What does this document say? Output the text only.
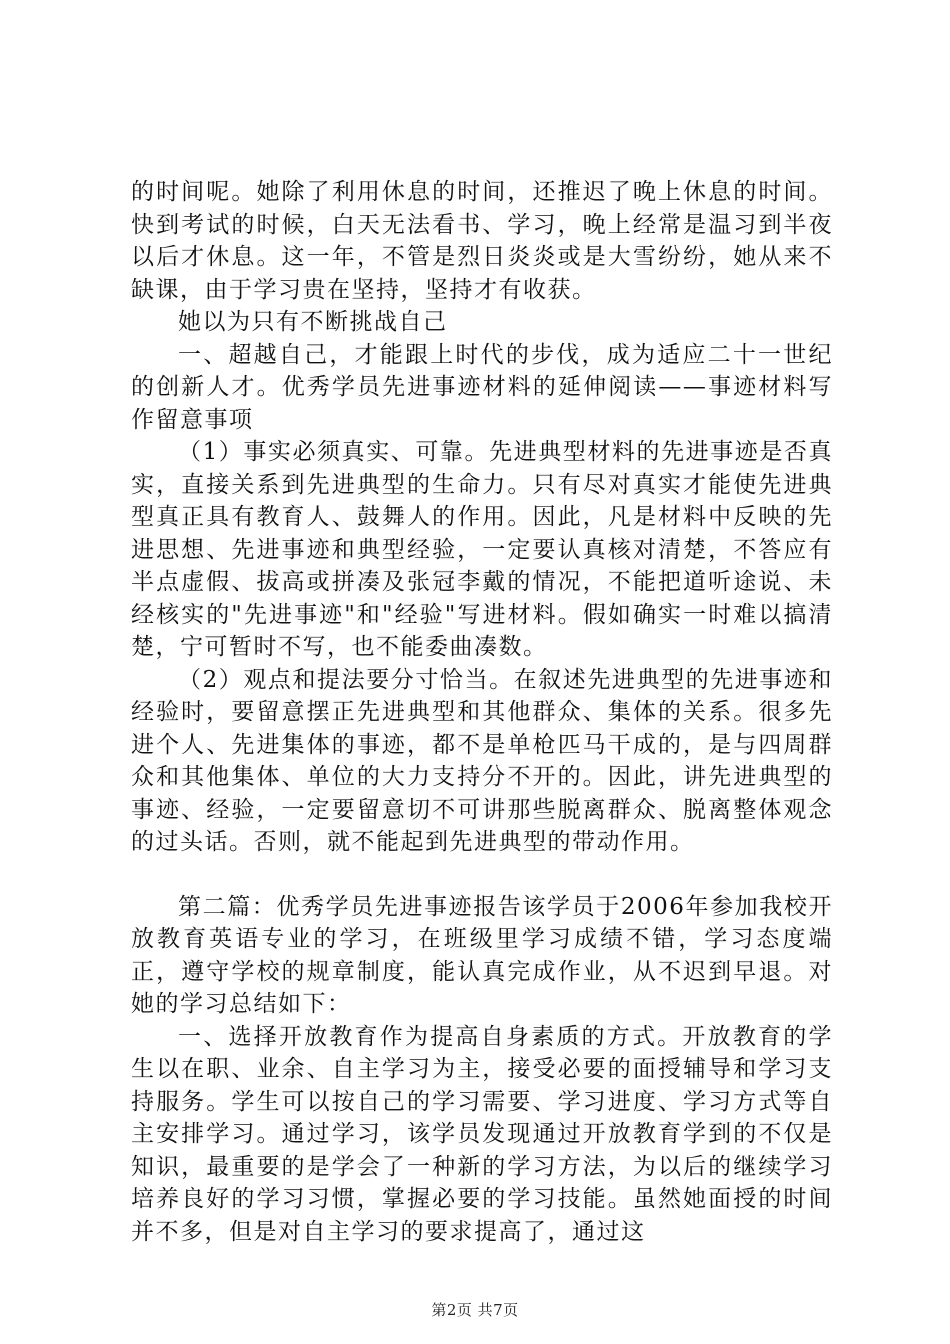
的时间呢。她除了利用休息的时间，还推迟了晚上休息的时间。快到考试的时候，白天无法看书、学习，晚上经常是温习到半夜以后才休息。这一年，不管是烈日炎炎或是大雪纷纷，她从来不缺课，由于学习贵在坚持，坚持才有收获。

她以为只有不断挑战自己

一、超越自己，才能跟上时代的步伐，成为适应二十一世纪的创新人才。优秀学员先进事迹材料的延伸阅读——事迹材料写作留意事项

（1）事实必须真实、可靠。先进典型材料的先进事迹是否真实，直接关系到先进典型的生命力。只有尽对真实才能使先进典型真正具有教育人、鼓舞人的作用。因此，凡是材料中反映的先进思想、先进事迹和典型经验，一定要认真核对清楚，不答应有半点虚假、拔高或拼凑及张冠李戴的情况，不能把道听途说、未经核实的"先进事迹"和"经验"写进材料。假如确实一时难以搞清楚，宁可暂时不写，也不能委曲凑数。

（2）观点和提法要分寸恰当。在叙述先进典型的先进事迹和经验时，要留意摆正先进典型和其他群众、集体的关系。很多先进个人、先进集体的事迹，都不是单枪匹马干成的，是与四周群众和其他集体、单位的大力支持分不开的。因此，讲先进典型的事迹、经验，一定要留意切不可讲那些脱离群众、脱离整体观念的过头话。否则，就不能起到先进典型的带动作用。

第二篇：优秀学员先进事迹报告该学员于2006年参加我校开放教育英语专业的学习，在班级里学习成绩不错，学习态度端正，遵守学校的规章制度，能认真完成作业，从不迟到早退。对她的学习总结如下：

一、选择开放教育作为提高自身素质的方式。开放教育的学生以在职、业余、自主学习为主，接受必要的面授辅导和学习支持服务。学生可以按自己的学习需要、学习进度、学习方式等自主安排学习。通过学习，该学员发现通过开放教育学到的不仅是知识，最重要的是学会了一种新的学习方法，为以后的继续学习培养良好的学习习惯，掌握必要的学习技能。虽然她面授的时间并不多，但是对自主学习的要求提高了，通过这

第2页 共7页
